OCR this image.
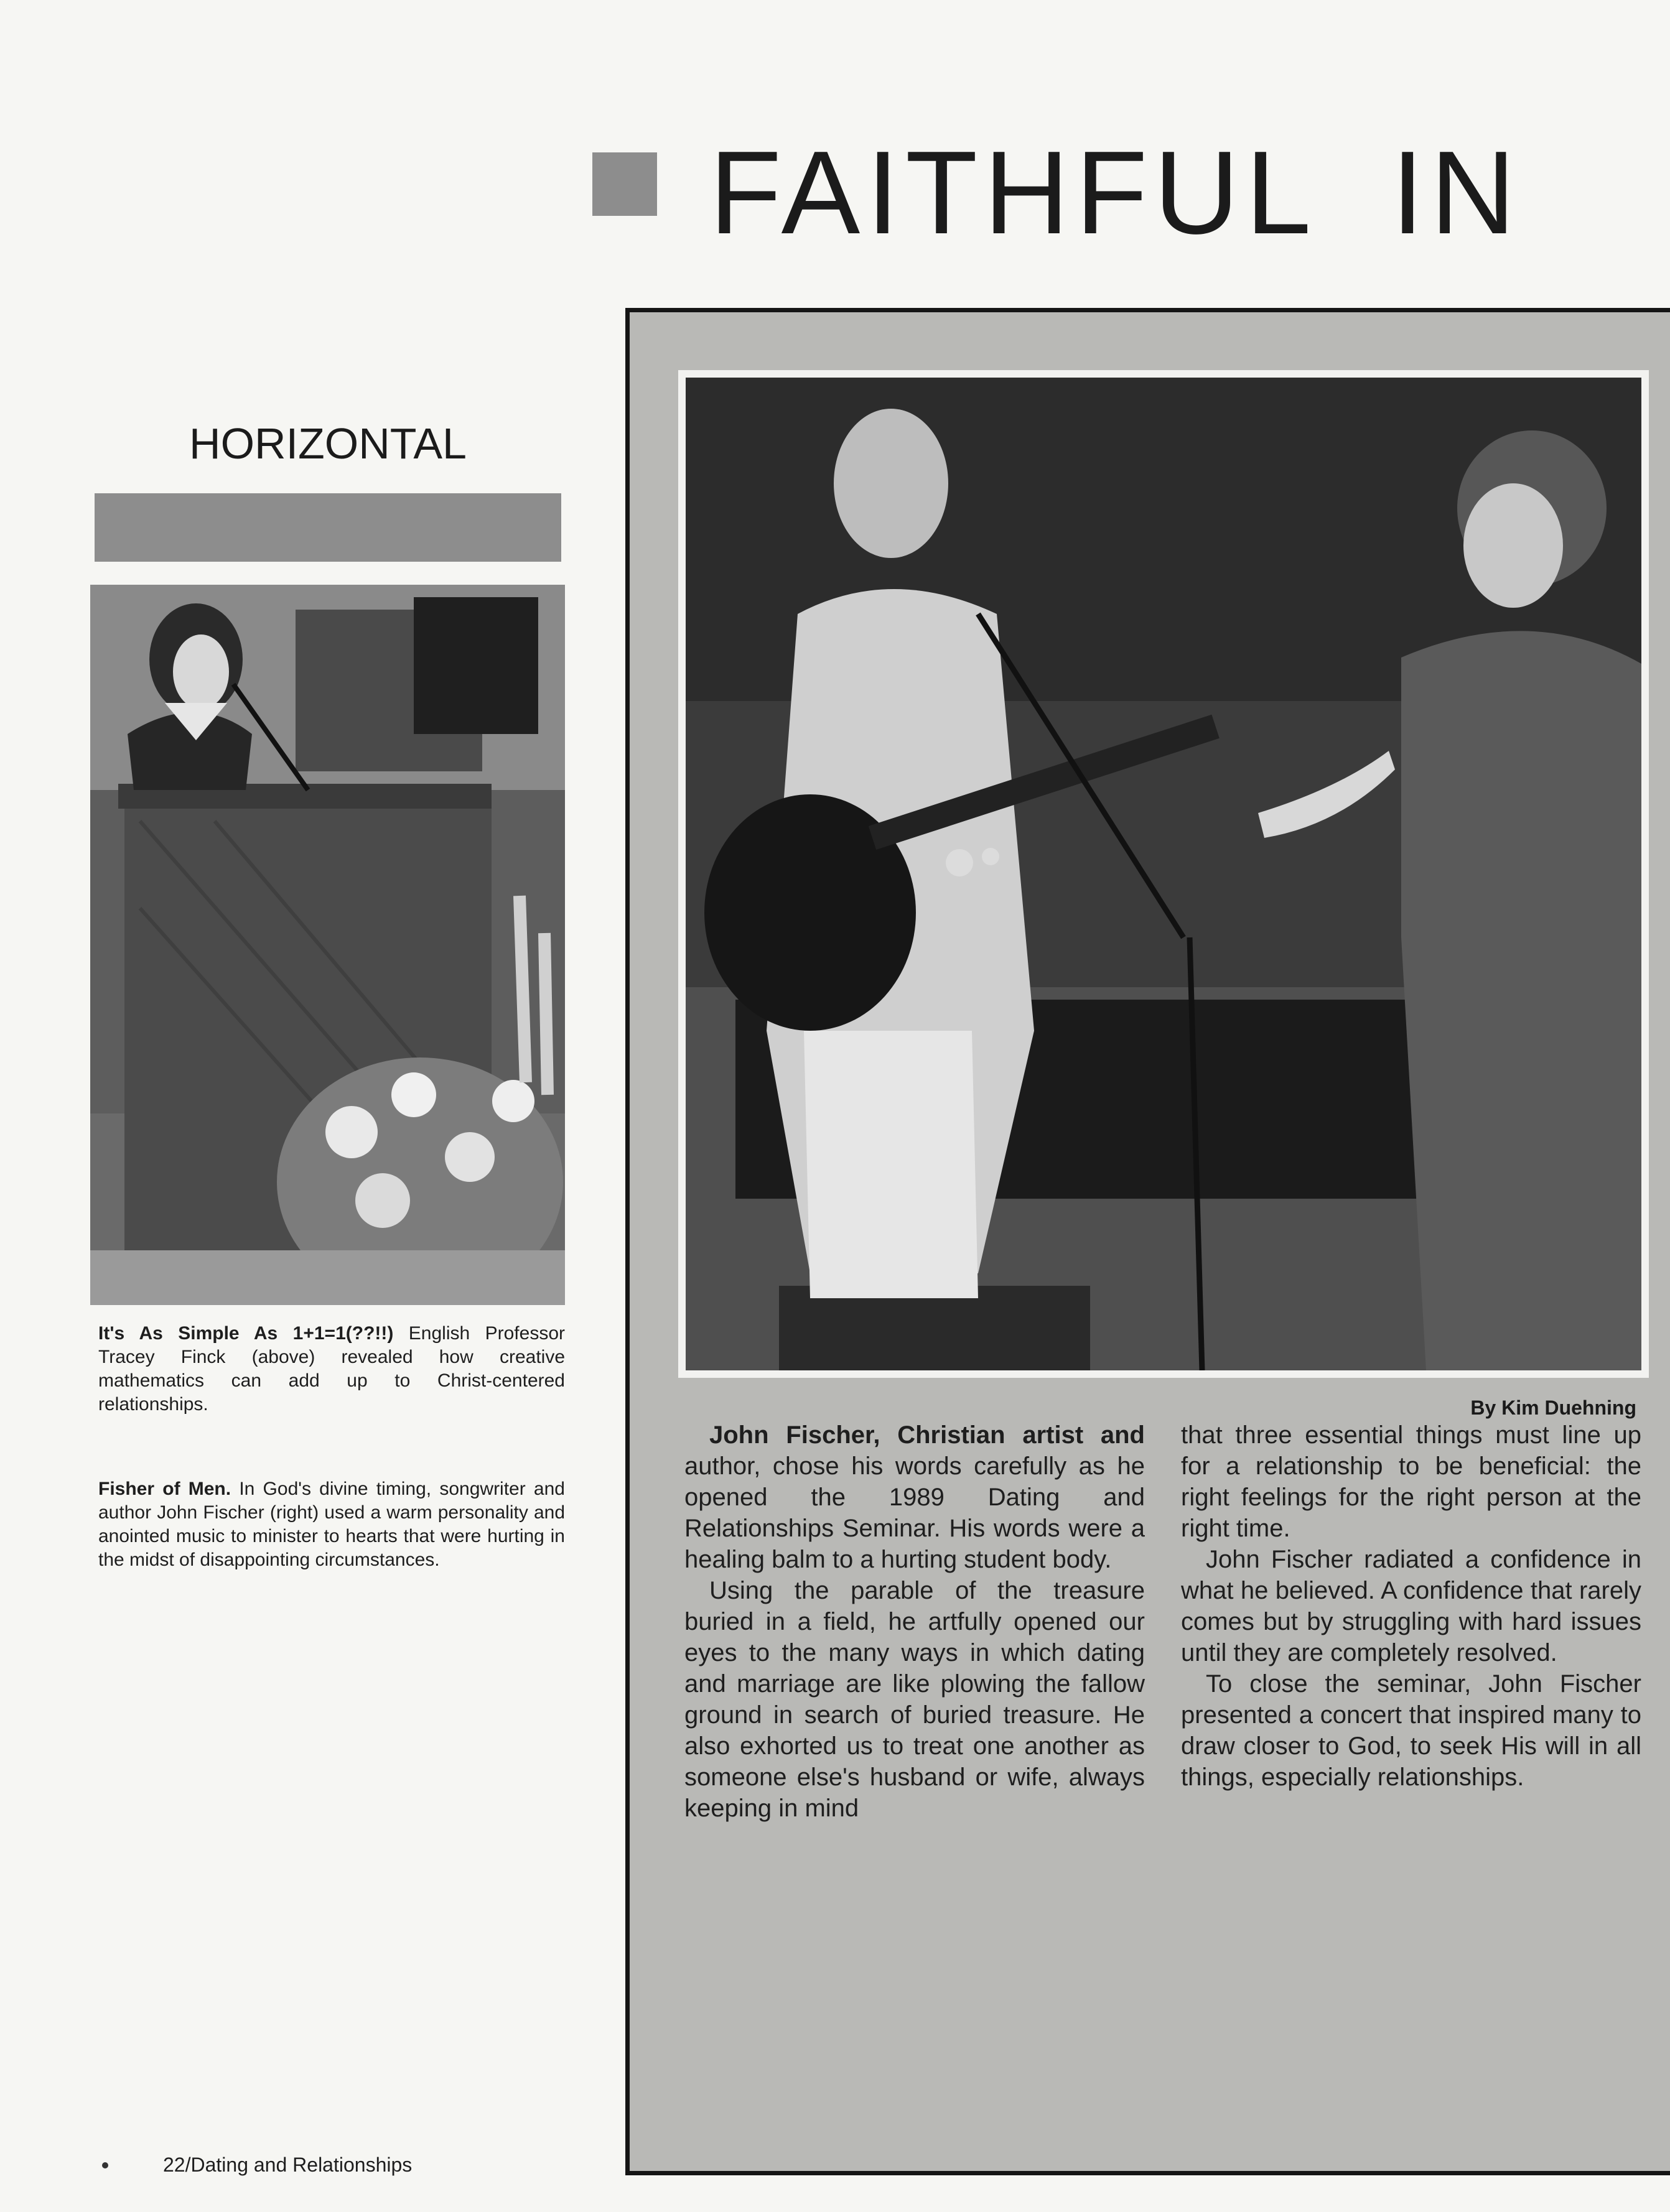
FAITHFUL  IN
HORIZONTAL

It's As Simple As 1+1=1(??!!) English Professor Tracey Finck (above) revealed how creative mathematics can add up to Christ-centered relationships.

Fisher of Men. In God's divine timing, songwriter and author John Fischer (right) used a warm personality and anointed music to minister to hearts that were hurting in the midst of disappointing circumstances.

By Kim Duehning

John Fischer, Christian artist and author, chose his words carefully as he opened the 1989 Dating and Relationships Seminar. His words were a healing balm to a hurting student body.

Using the parable of the treasure buried in a field, he artfully opened our eyes to the many ways in which dating and marriage are like plowing the fallow ground in search of buried treasure. He also exhorted us to treat one another as someone else's husband or wife, always keeping in mind

that three essential things must line up for a relationship to be beneficial: the right feelings for the right person at the right time.

John Fischer radiated a confidence in what he believed. A confidence that rarely comes but by struggling with hard issues until they are completely resolved.

To close the seminar, John Fischer presented a concert that inspired many to draw closer to God, to seek His will in all things, especially relationships.

22/Dating and Relationships
